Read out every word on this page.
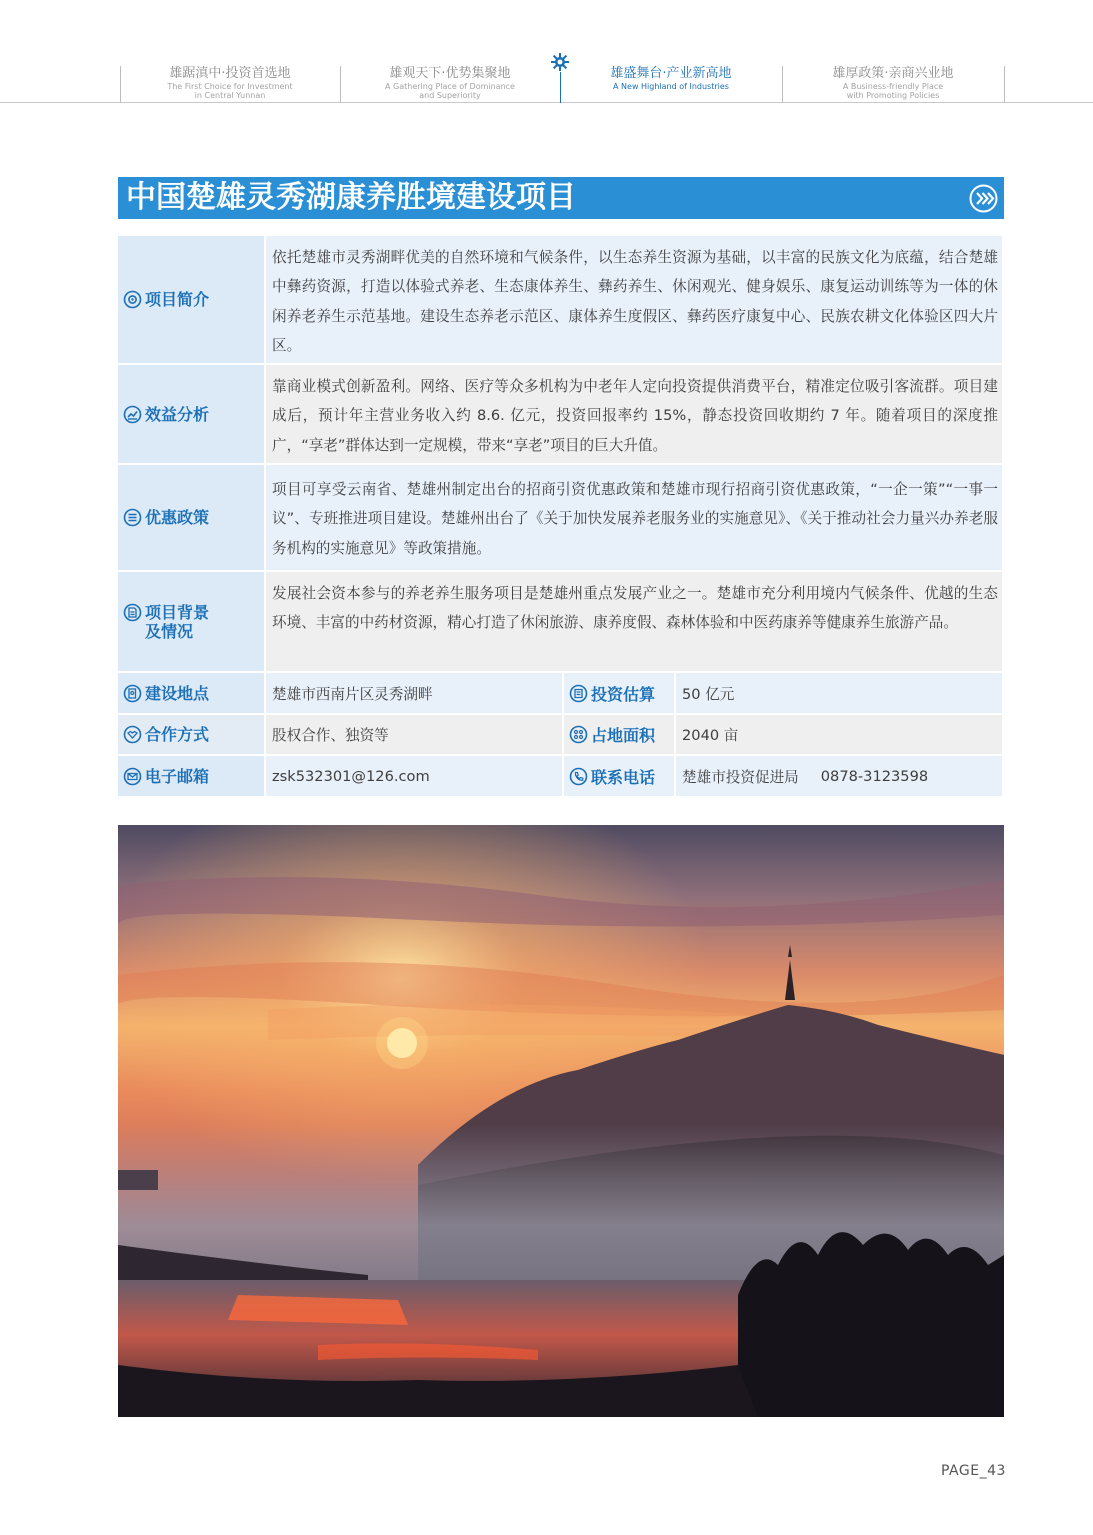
雄踞滇中·投资首选地
The First Choice for Investment
in Central Yunnan
雄观天下·优势集聚地
A Gathering Place of Dominance
and Superiority
雄盛舞台·产业新高地
A New Highland of Industries
雄厚政策·亲商兴业地
A Business-friendly Place
with Promoting Policies
中国楚雄灵秀湖康养胜境建设项目
项目简介
依托楚雄市灵秀湖畔优美的自然环境和气候条件，以生态养生资源为基础，以丰富的民族文化为底蕴，结合楚雄中彝药资源，打造以体验式养老、生态康体养生、彝药养生、休闲观光、健身娱乐、康复运动训练等为一体的休闲养老养生示范基地。建设生态养老示范区、康体养生度假区、彝药医疗康复中心、民族农耕文化体验区四大片区。
效益分析
靠商业模式创新盈利。网络、医疗等众多机构为中老年人定向投资提供消费平台，精准定位吸引客流群。项目建成后，预计年主营业务收入约 8.6. 亿元，投资回报率约 15%，静态投资回收期约 7 年。随着项目的深度推广，“享老”群体达到一定规模，带来“享老”项目的巨大升值。
优惠政策
项目可享受云南省、楚雄州制定出台的招商引资优惠政策和楚雄市现行招商引资优惠政策，“一企一策”“一事一议”、专班推进项目建设。楚雄州出台了《关于加快发展养老服务业的实施意见》、《关于推动社会力量兴办养老服务机构的实施意见》等政策措施。
项目背景
及情况
发展社会资本参与的养老养生服务项目是楚雄州重点发展产业之一。楚雄市充分利用境内气候条件、优越的生态环境、丰富的中药材资源，精心打造了休闲旅游、康养度假、森林体验和中医药康养等健康养生旅游产品。
建设地点	楚雄市西南片区灵秀湖畔	投资估算	50 亿元
合作方式	股权合作、独资等	占地面积	2040 亩
电子邮箱	zsk532301@126.com	联系电话 楚雄市投资促进局 0878-3123598
PAGE_43
